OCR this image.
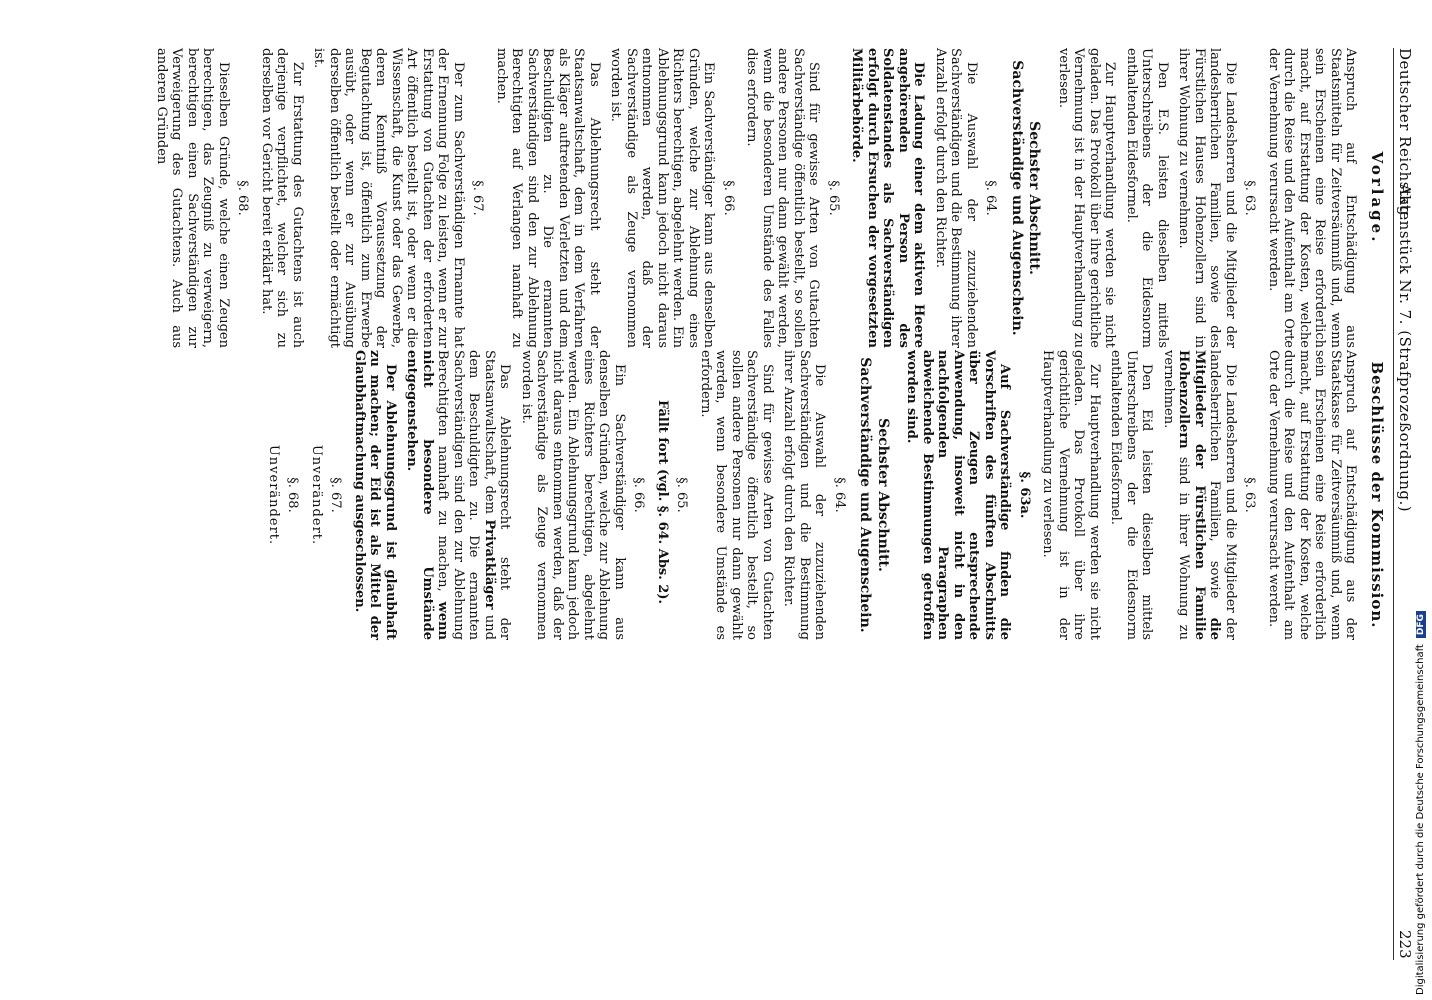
Deutscher Reichstag.
Aktenstück Nr. 7. (Strafprozeßordnung.)
223
Vorlage.

Anspruch auf Entschädigung aus Staatsmitteln für Zeitversäumniß und, wenn sein Erscheinen eine Reise erforderlich macht, auf Erstattung der Kosten, welche durch die Reise und den Aufenthalt am Orte der Vernehmung verursacht werden.

§. 63.

Die Landesherren und die Mitglieder der landesherrlichen Familien, sowie des Fürstlichen Hauses Hohenzollern sind in ihrer Wohnung zu vernehmen.

Den E.S. leisten dieselben mittels Unterschreibens der die Eidesnorm enthaltenden Eidesformel.

Zur Hauptverhandlung werden sie nicht geladen. Das Protokoll über ihre gerichtliche Vernehmung ist in der Hauptverhandlung zu verlesen.

Sechster Abschnitt.
Sachverständige und Augenschein.
§. 64.

Die Auswahl der zuzuziehenden Sachverständigen und die Bestimmung ihrer Anzahl erfolgt durch den Richter.

Die Ladung einer dem aktiven Heere angehörenden Person des Soldatenstandes als Sachverständigen erfolgt durch Ersuchen der vorgesetzten Militärbehörde.

§. 65.

Sind für gewisse Arten von Gutachten Sachverständige öffentlich bestellt, so sollen andere Personen nur dann gewählt werden, wenn die besonderen Umstände des Falles dies erfordern.

§. 66.

Ein Sachverständiger kann aus denselben Gründen, welche zur Ablehnung eines Richters berechtigen, abgelehnt werden. Ein Ablehnungsgrund kann jedoch nicht daraus entnommen werden, daß der Sachverständige als Zeuge vernommen worden ist.

Das Ablehnungsrecht steht der Staatsanwaltschaft, dem in dem Verfahren als Kläger auftretenden Verletzten und dem Beschuldigten zu. Die ernannten Sachverständigen sind den zur Ablehnung Berechtigten auf Verlangen namhaft zu machen.

§. 67.

Der zum Sachverständigen Ernannte hat der Ernennung Folge zu leisten, wenn er zur Erstattung von Gutachten der erforderten Art öffentlich bestellt ist, oder wenn er die Wissenschaft, die Kunst oder das Gewerbe, deren Kenntniß Voraussetzung der Begutachtung ist, öffentlich zum Erwerbe ausübt, oder wenn er zur Ausübung derselben öffentlich bestellt oder ermächtigt ist.

Zur Erstattung des Gutachtens ist auch derjenige verpflichtet, welcher sich zu derselben vor Gericht bereit erklärt hat.

§. 68.

Dieselben Gründe, welche einen Zeugen berechtigen, das Zeugniß zu verweigern, berechtigen einen Sachverständigen zur Verweigerung des Gutachtens. Auch aus anderen Gründen

Beschlüsse der Kommission.

Anspruch auf Entschädigung aus der Staatskasse für Zeitversäumniß und, wenn sein Erscheinen eine Reise erforderlich macht, auf Erstattung der Kosten, welche durch die Reise und den Aufenthalt am Orte der Vernehmung verursacht werden.

§. 63.

Die Landesherren und die Mitglieder der landesherrlichen Familien, sowie die Mitglieder der Fürstlichen Familie Hohenzollern sind in ihrer Wohnung zu vernehmen.

Den Eid leisten dieselben mittels Unterschreibens der die Eidesnorm enthaltenden Eidesformel.

Zur Hauptverhandlung werden sie nicht geladen. Das Protokoll über ihre gerichtliche Vernehmung ist in der Hauptverhandlung zu verlesen.

§. 63a.

Auf Sachverständige finden die Vorschriften des fünften Abschnitts über Zeugen entsprechende Anwendung, insoweit nicht in den nachfolgenden Paragraphen abweichende Bestimmungen getroffen worden sind.

Sechster Abschnitt.
Sachverständige und Augenschein.
§. 64.

Die Auswahl der zuzuziehenden Sachverständigen und die Bestimmung ihrer Anzahl erfolgt durch den Richter.

Sind für gewisse Arten von Gutachten Sachverständige öffentlich bestellt, so sollen andere Personen nur dann gewählt werden, wenn besondere Umstände es erfordern.

§. 65.

Fällt fort (vgl. §. 64. Abs. 2).

§. 66.

Ein Sachverständiger kann aus denselben Gründen, welche zur Ablehnung eines Richters berechtigen, abgelehnt werden. Ein Ablehnungsgrund kann jedoch nicht daraus entnommen werden, daß der Sachverständige als Zeuge vernommen worden ist.

Das Ablehnungsrecht steht der Staatsanwaltschaft, dem Privatkläger und dem Beschuldigten zu. Die ernannten Sachverständigen sind den zur Ablehnung Berechtigten namhaft zu machen, wenn nicht besondere Umstände entgegenstehen.

Der Ablehnungsgrund ist glaubhaft zu machen; der Eid ist als Mittel der Glaubhaftmachung ausgeschlossen.

§. 67.
Unverändert.
§. 68.
Unverändert.
Digitalisierung gefördert durch die Deutsche ForschungsgemeinschaftDFG
